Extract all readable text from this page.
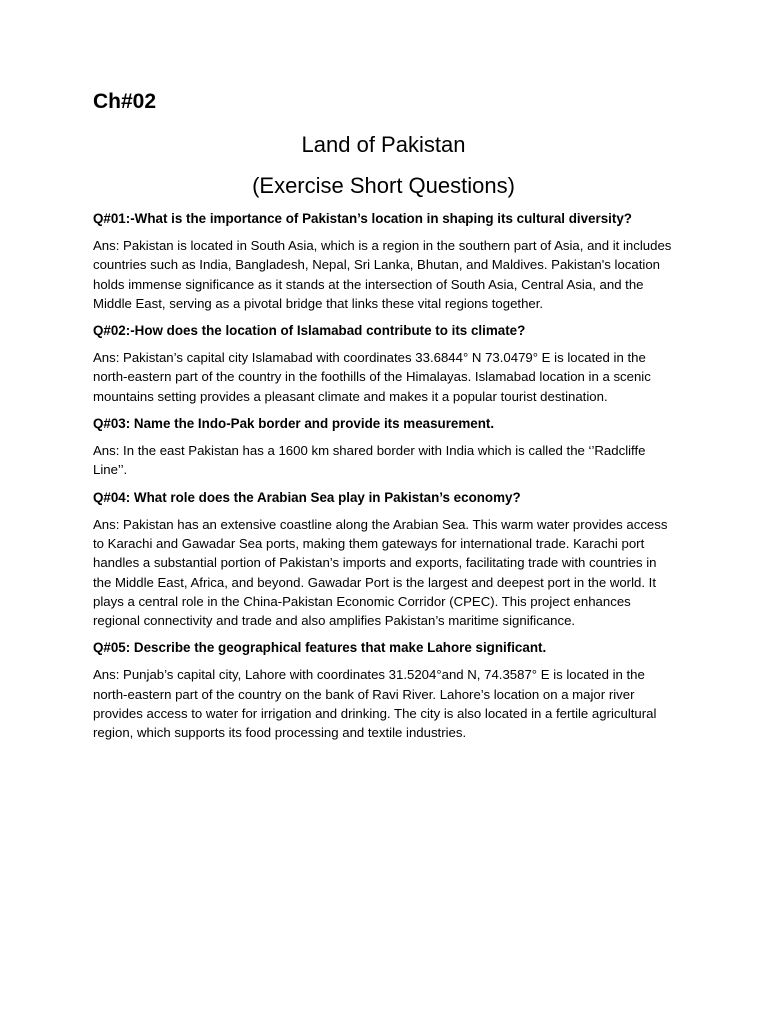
Ch#02
Land of Pakistan
(Exercise Short Questions)

Q#01:-What is the importance of Pakistan’s location in shaping its cultural diversity?

Ans: Pakistan is located in South Asia, which is a region in the southern part of Asia, and it includes countries such as India, Bangladesh, Nepal, Sri Lanka, Bhutan, and Maldives. Pakistan's location holds immense significance as it stands at the intersection of South Asia, Central Asia, and the Middle East, serving as a pivotal bridge that links these vital regions together.

Q#02:-How does the location of Islamabad contribute to its climate?

Ans: Pakistan’s capital city Islamabad with coordinates 33.6844° N 73.0479° E is located in the north-eastern part of the country in the foothills of the Himalayas. Islamabad location in a scenic mountains setting provides a pleasant climate and makes it a popular tourist destination.

Q#03: Name the Indo-Pak border and provide its measurement.

Ans: In the east Pakistan has a 1600 km shared border with India which is called the ‘’Radcliffe Line’’.

Q#04: What role does the Arabian Sea play in Pakistan’s economy?

Ans: Pakistan has an extensive coastline along the Arabian Sea. This warm water provides access to Karachi and Gawadar Sea ports, making them gateways for international trade. Karachi port handles a substantial portion of Pakistan’s imports and exports, facilitating trade with countries in the Middle East, Africa, and beyond. Gawadar Port is the largest and deepest port in the world. It plays a central role in the China-Pakistan Economic Corridor (CPEC). This project enhances regional connectivity and trade and also amplifies Pakistan’s maritime significance.

Q#05: Describe the geographical features that make Lahore significant.

Ans: Punjab’s capital city, Lahore with coordinates 31.5204°and N, 74.3587° E is located in the north-eastern part of the country on the bank of Ravi River. Lahore’s location on a major river provides access to water for irrigation and drinking. The city is also located in a fertile agricultural region, which supports its food processing and textile industries.
